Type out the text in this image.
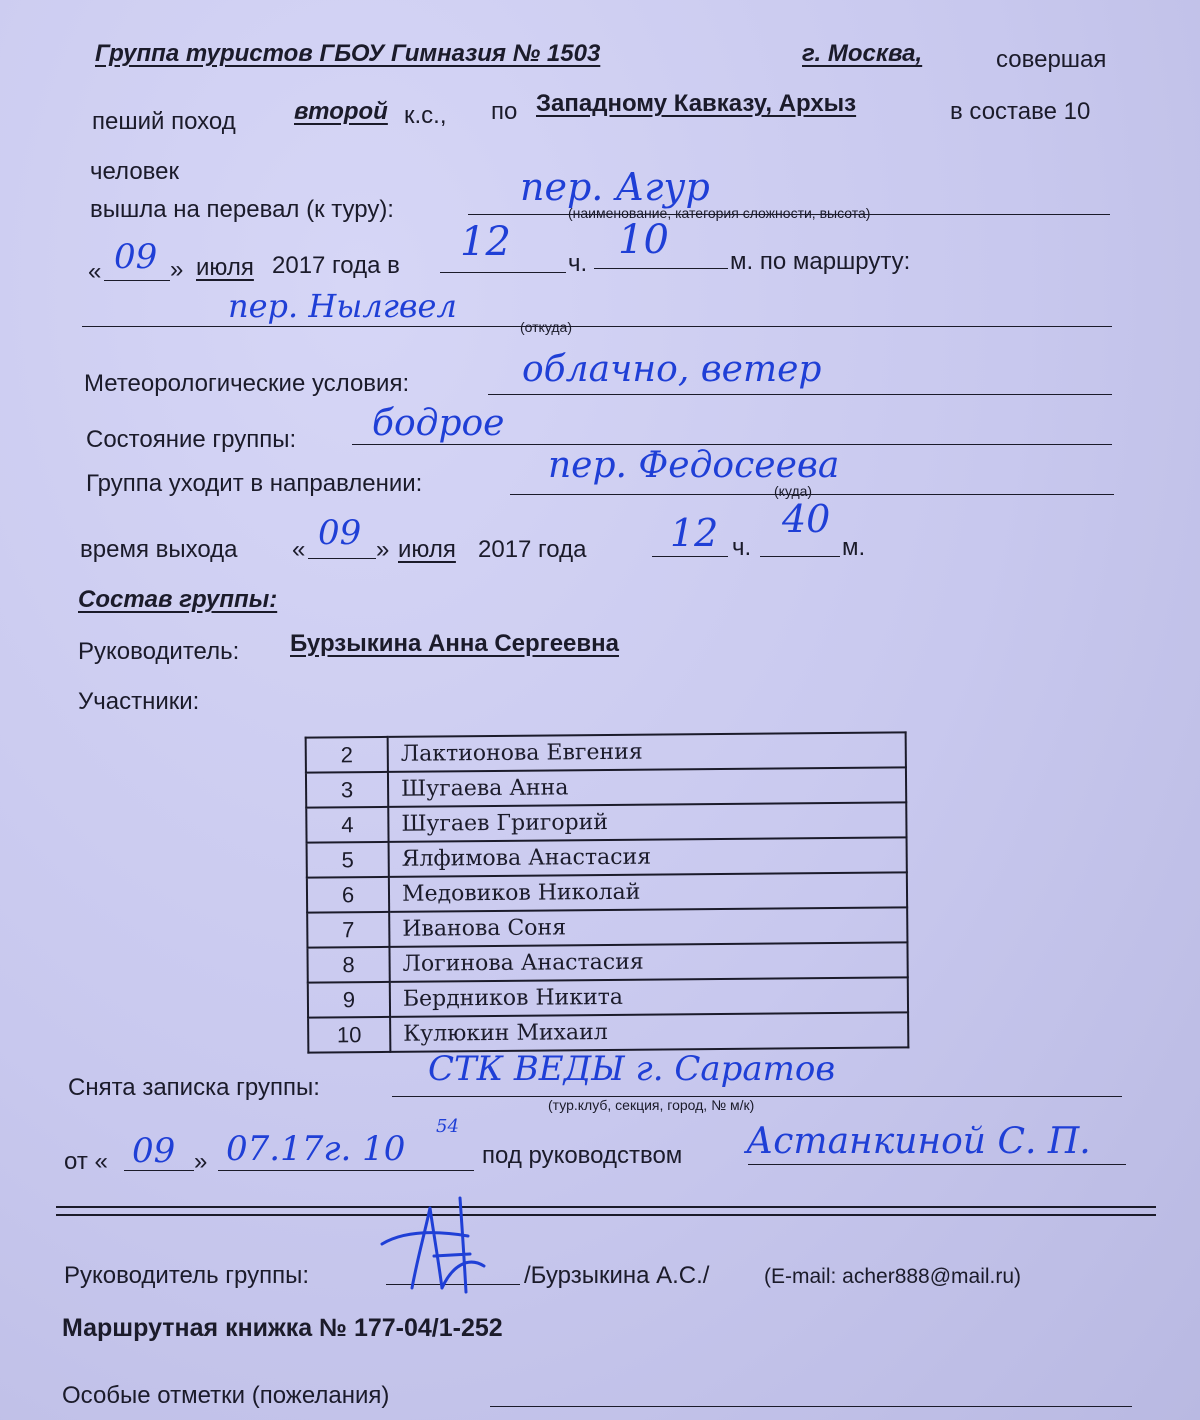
Группа туристов ГБОУ Гимназия № 1503	г. Москва,	совершая
пеший поход второй к.с., по Западному Кавказу, Архыз	в составе 10
человек
вышла на перевал (к туру):
пер. Агур
(наименование, категория сложности, высота)
« 09 » июля 2017 года в
12 ч.
10	м. по маршруту:
пер. Нылгвел
(откуда)
Метеорологические условия:	облачно, ветер
Состояние группы: бодрое
Группа уходит в направлении:	пер. Федосеева
(куда)
время выхода « 09 » июля 2017 года 12 ч.
40
м.
Состав группы:
Руководитель: Бурзыкина Анна Сергеевна
Участники:
2	Лактионова Евгения
3	Шугаева Анна
4	Шугаев Григорий
5	Ялфимова Анастасия
6	Медовиков Николай
7	Иванова Соня
8	Логинова Анастасия
9	Бердников Никита
10	Кулюкин Михаил
Снята записка группы:	СТК ВЕДЫ г. Саратов
(тур.клуб, секция, город, № м/к)
от « 09 » 07.17г. 10
54
под руководством Астанкиной С. П.
Руководитель группы:	/Бурзыкина А.С./	(E-mail: acher888@mail.ru)
Маршрутная книжка № 177-04/1-252
Особые отметки (пожелания)
